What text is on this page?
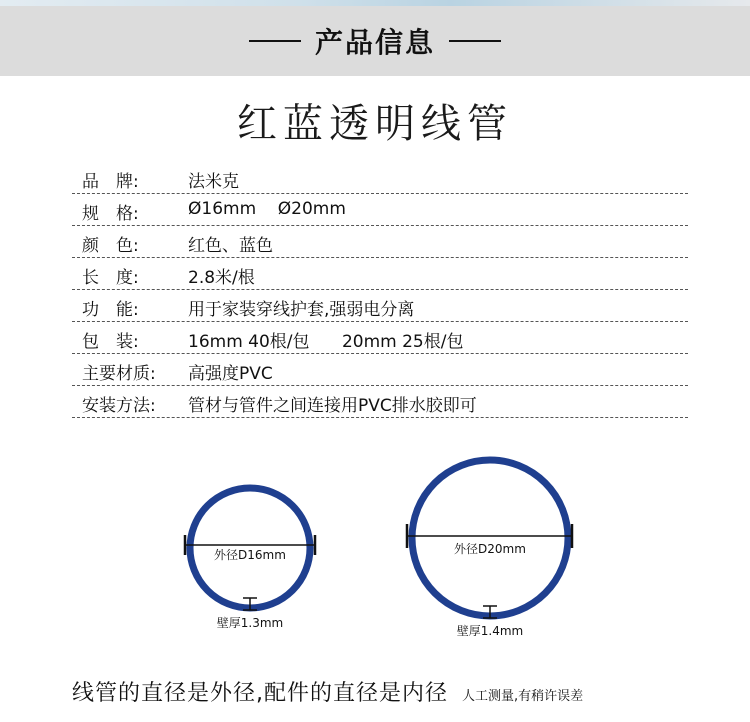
产品信息
红蓝透明线管
品　牌:	法米克
规　格:	Ø16mm    Ø20mm
颜　色:	红色、蓝色
长　度:	2.8米/根
功　能:	用于家装穿线护套,强弱电分离
包　装:	16mm 40根/包      20mm 25根/包
主要材质:	高强度PVC
安装方法:	管材与管件之间连接用PVC排水胶即可
外径D16mm
壁厚1.3mm
外径D20mm
壁厚1.4mm
线管的直径是外径,配件的直径是内径 人工测量,有稍许误差
